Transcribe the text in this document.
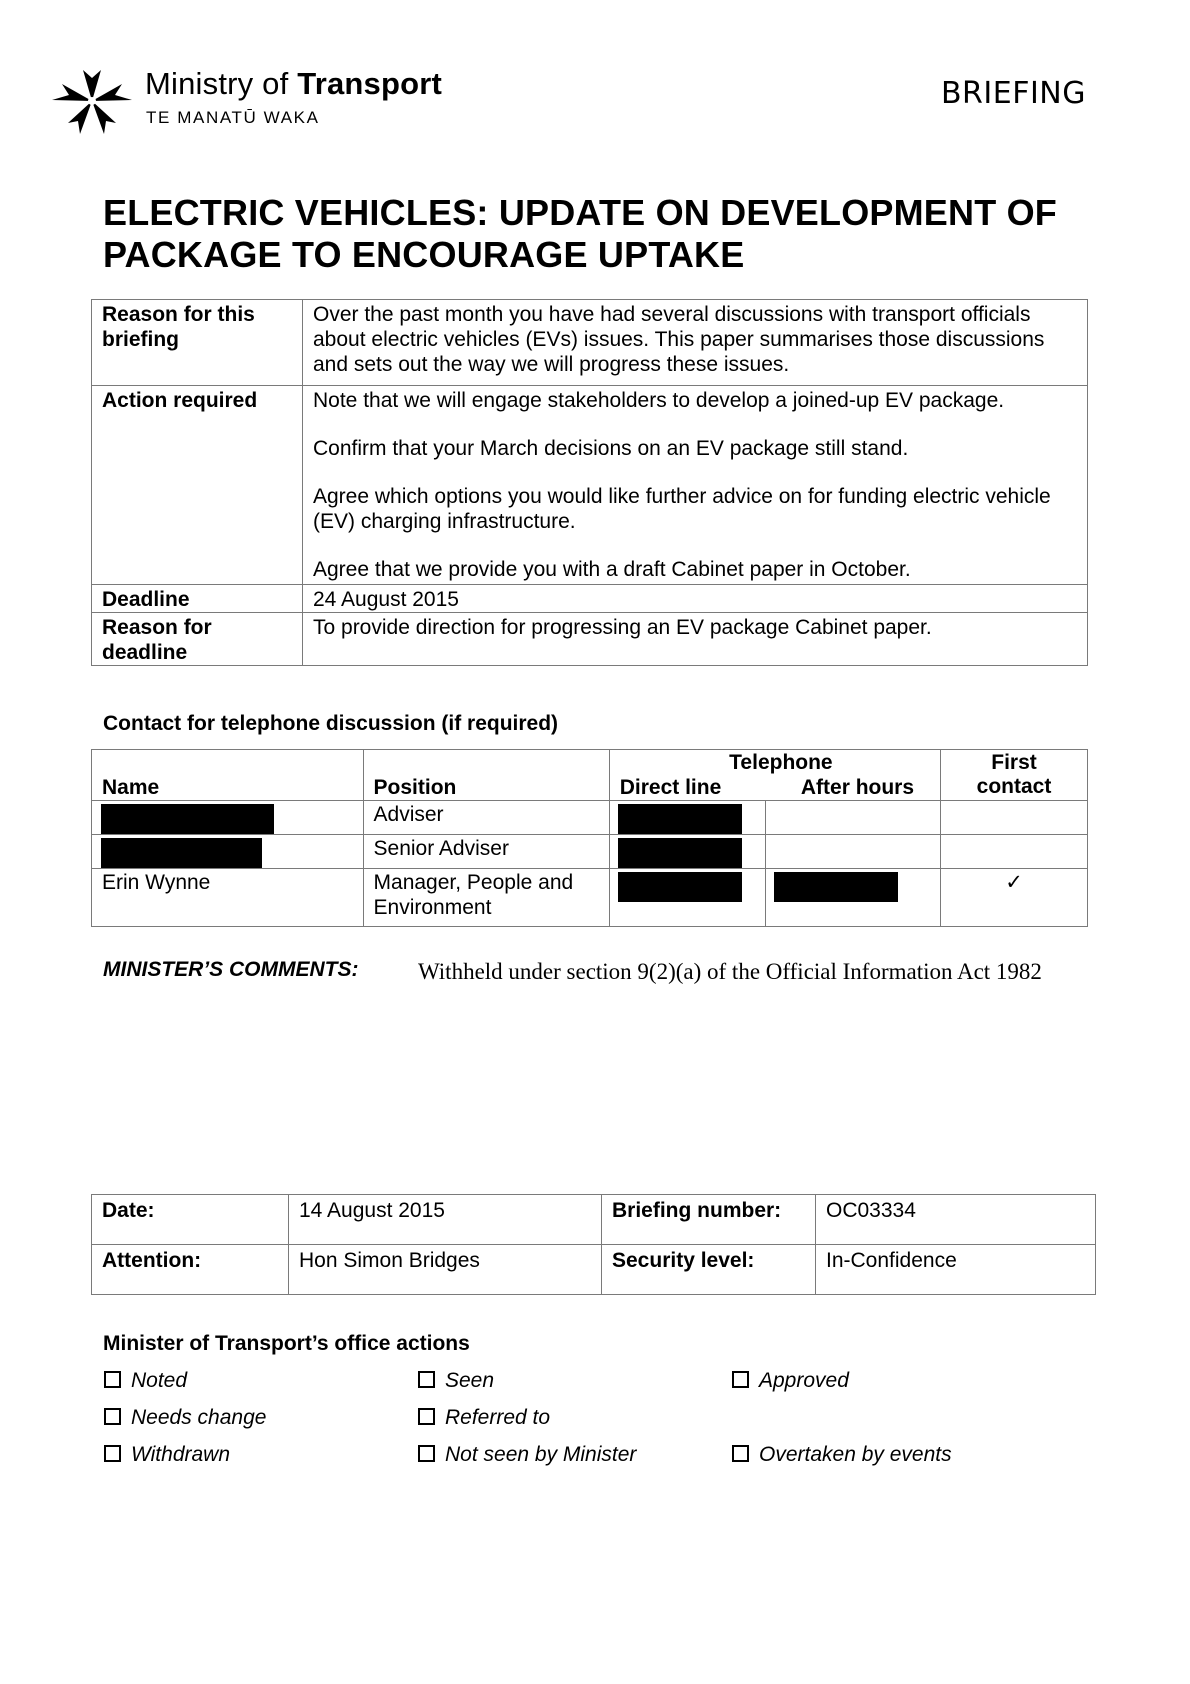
Ministry of Transport
TE MANATŪ WAKA
BRIEFING
ELECTRIC VEHICLES: UPDATE ON DEVELOPMENT OF PACKAGE TO ENCOURAGE UPTAKE
Reason for this briefing	Over the past month you have had several discussions with transport officials about electric vehicles (EVs) issues. This paper summarises those discussions and sets out the way we will progress these issues.
Action required	Note that we will engage stakeholders to develop a joined-up EV package.

Confirm that your March decisions on an EV package still stand.

Agree which options you would like further advice on for funding electric vehicle (EV) charging infrastructure.

Agree that we provide you with a draft Cabinet paper in October.

Deadline	24 August 2015
Reason for deadline	To provide direction for progressing an EV package Cabinet paper.
Contact for telephone discussion (if required)
Name	Position	Telephone
Direct line After hours		First contact

	Adviser			
	Senior Adviser			
Erin Wynne	Manager, People and Environment			✓
MINISTER’S COMMENTS:	Withheld under section 9(2)(a) of the Official Information Act 1982
Date:	14 August 2015	Briefing number:	OC03334
Attention:	Hon Simon Bridges	Security level:	In-Confidence
Minister of Transport’s office actions
Noted	Seen	Approved
Needs change	Referred to
Withdrawn	Not seen by Minister	Overtaken by events
